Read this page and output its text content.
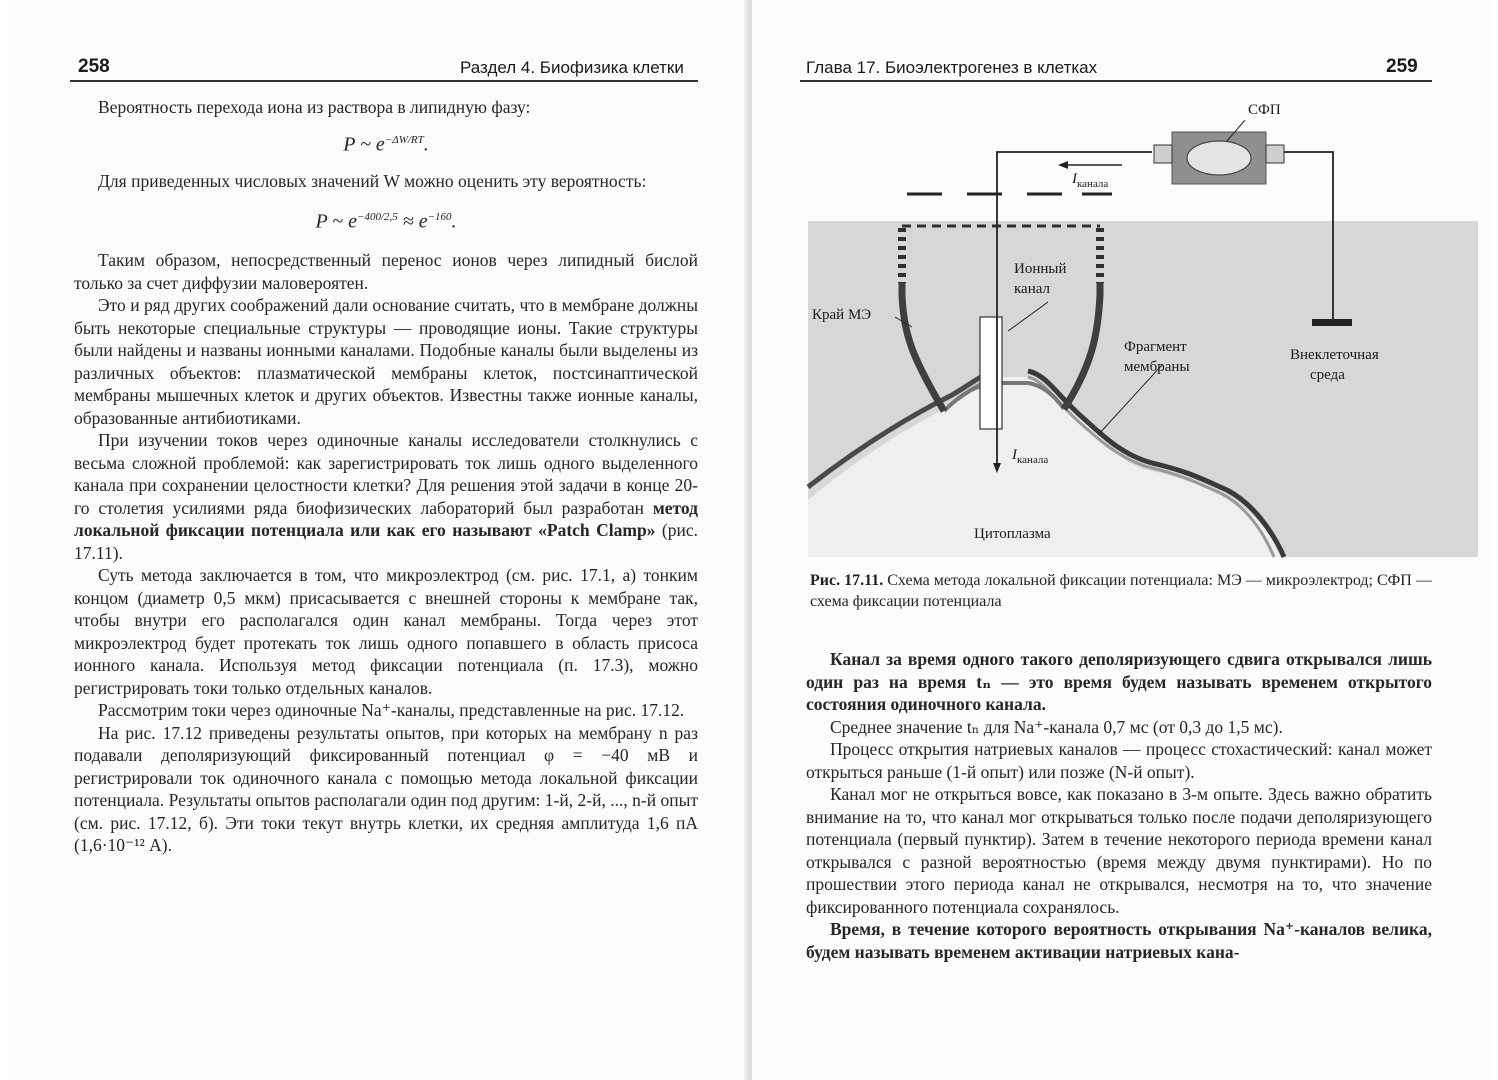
258	Раздел 4. Биофизика клетки

Вероятность перехода иона из раствора в липидную фазу:

P ~ $e^{-\Delta W/RT}$.

Для приведенных числовых значений W можно оценить эту вероятность:

P ~ $e^{-400/2,5} \approx e^{-160}$.

Таким образом, непосредственный перенос ионов через липидный бислой только за счет диффузии маловероятен.

Это и ряд других соображений дали основание считать, что в мембране должны быть некоторые специальные структуры — проводящие ионы. Такие структуры были найдены и названы ионными каналами. Подобные каналы были выделены из различных объектов: плазматической мембраны клеток, постсинаптической мембраны мышечных клеток и других объектов. Известны также ионные каналы, образованные антибиотиками.

При изучении токов через одиночные каналы исследователи столкнулись с весьма сложной проблемой: как зарегистрировать ток лишь одного выделенного канала при сохранении целостности клетки? Для решения этой задачи в конце 20-го столетия усилиями ряда биофизических лабораторий был разработан метод локальной фиксации потенциала или как его называют «Patch Clamp» (рис. 17.11).

Суть метода заключается в том, что микроэлектрод (см. рис. 17.1, а) тонким концом (диаметр 0,5 мкм) присасывается с внешней стороны к мембране так, чтобы внутри его располагался один канал мембраны. Тогда через этот микроэлектрод будет протекать ток лишь одного попавшего в область присоса ионного канала. Используя метод фиксации потенциала (п. 17.3), можно регистрировать токи только отдельных каналов.

Рассмотрим токи через одиночные Na⁺-каналы, представленные на рис. 17.12.

На рис. 17.12 приведены результаты опытов, при которых на мембрану n раз подавали деполяризующий фиксированный потенциал φ = −40 мВ и регистрировали ток одиночного канала с помощью метода локальной фиксации потенциала. Результаты опытов располагали один под другим: 1-й, 2-й, ..., n-й опыт (см. рис. 17.12, б). Эти токи текут внутрь клетки, их средняя амплитуда 1,6 пА (1,6·10⁻¹² А).

Глава 17. Биоэлектрогенез в клетках	259
СФП
$I_{канала}$
Ионный
канал
Край МЭ
Фрагмент
мембраны
Внеклеточная
среда
$I_{канала}$
Цитоплазма
Рис. 17.11. Схема метода локальной фиксации потенциала: МЭ — микроэлектрод; СФП — схема фиксации потенциала

Канал за время одного такого деполяризующего сдвига открывался лишь один раз на время tₙ — это время будем называть временем открытого состояния одиночного канала.

Среднее значение tₙ для Na⁺-канала 0,7 мс (от 0,3 до 1,5 мс).

Процесс открытия натриевых каналов — процесс стохастический: канал может открыться раньше (1-й опыт) или позже (N-й опыт).

Канал мог не открыться вовсе, как показано в 3-м опыте. Здесь важно обратить внимание на то, что канал мог открываться только после подачи деполяризующего потенциала (первый пунктир). Затем в течение некоторого периода времени канал открывался с разной вероятностью (время между двумя пунктирами). Но по прошествии этого периода канал не открывался, несмотря на то, что значение фиксированного потенциала сохранялось.

Время, в течение которого вероятность открывания Na⁺-каналов велика, будем называть временем активации натриевых кана-
